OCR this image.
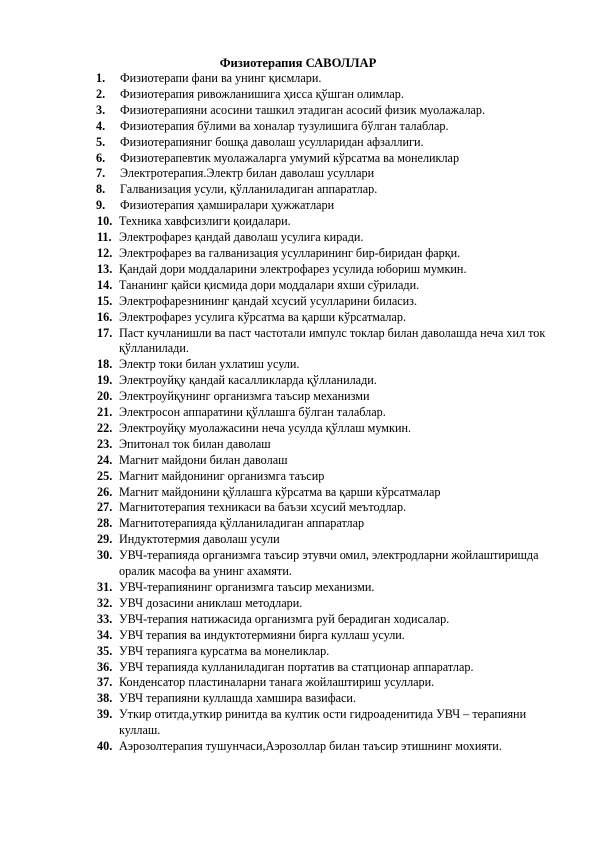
Физиотерапия САВОЛЛАР
1.	Физиотерапи фани ва унинг қисмлари.
2.	Физиотерапия ривожланишига ҳисса қўшган олимлар.
3.	Физиотерапияни асосини ташкил этадиган асосий физик муолажалар.
4.	Физиотерапия бўлими ва хоналар тузулишига бўлган талаблар.
5.	Физиотерапияниг бошқа даволаш усулларидан афзаллиги.
6.	Физиотерапевтик муолажаларга умумий кўрсатма ва монеликлар
7.	Электротерапия.Электр билан даволаш усуллари
8.	Галванизация усули, қўлланиладиган аппаратлар.
9.	Физиотерапия ҳамширалари ҳужжатлари
10. Техника хавфсизлиги қоидалари.
11. Электрофарез қандай даволаш усулига киради.
12. Электрофарез ва галванизация усулларининг бир-биридан фарқи.
13. Қандай дори моддаларини электрофарез усулида юбориш мумкин.
14. Тананинг қайси қисмида дори моддалари яхши сўрилади.
15. Электрофарезнининг қандай хсусий усулларини биласиз.
16. Электрофарез усулига кўрсатма ва қарши кўрсатмалар.
17. Паст кучланишли ва паст частотали импулс токлар билан даволашда неча хил ток қўлланилади.
18. Электр токи билан ухлатиш усули.
19. Электроуйқу қандай касалликларда қўлланилади.
20. Электроуйқунинг организмга таъсир механизми
21. Электросон аппаратини қўллашга бўлган талаблар.
22. Электроуйқу муолажасини неча усулда қўллаш мумкин.
23. Эпитонал ток билан даволаш
24. Магнит майдони билан даволаш
25. Магнит майдониниг организмга таъсир
26. Магнит майдонини қўллашга кўрсатма ва қарши кўрсатмалар
27. Магнитотерапия техникаси ва баъзи хсусий меътодлар.
28. Магнитотерапияда қўлланиладиган аппаратлар
29. Индуктотермия даволаш усули
30. УВЧ-терапияда организмга таъсир этувчи омил, электродларни жойлаштиришда оралик масофа ва унинг ахамяти.
31. УВЧ-терапиянинг организмга таъсир механизми.
32. УВЧ дозасини аниклаш методлари.
33. УВЧ-терапия натижасида организмга руй берадиган ходисалар.
34. УВЧ терапия ва индуктотермияни бирга куллаш усули.
35. УВЧ терапияга курсатма ва монеликлар.
36. УВЧ терапияда кулланиладиган портатив ва статционар аппаратлар.
37. Конденсатор пластиналарни танага жойлаштириш усуллари.
38. УВЧ терапияни куллашда хамшира вазифаси.
39. Уткир отитда,уткир ринитда ва култик ости гидроаденитида УВЧ – терапияни куллаш.
40. Аэрозолтерапия тушунчаси,Аэрозоллар билан таъсир этишнинг мохияти.
